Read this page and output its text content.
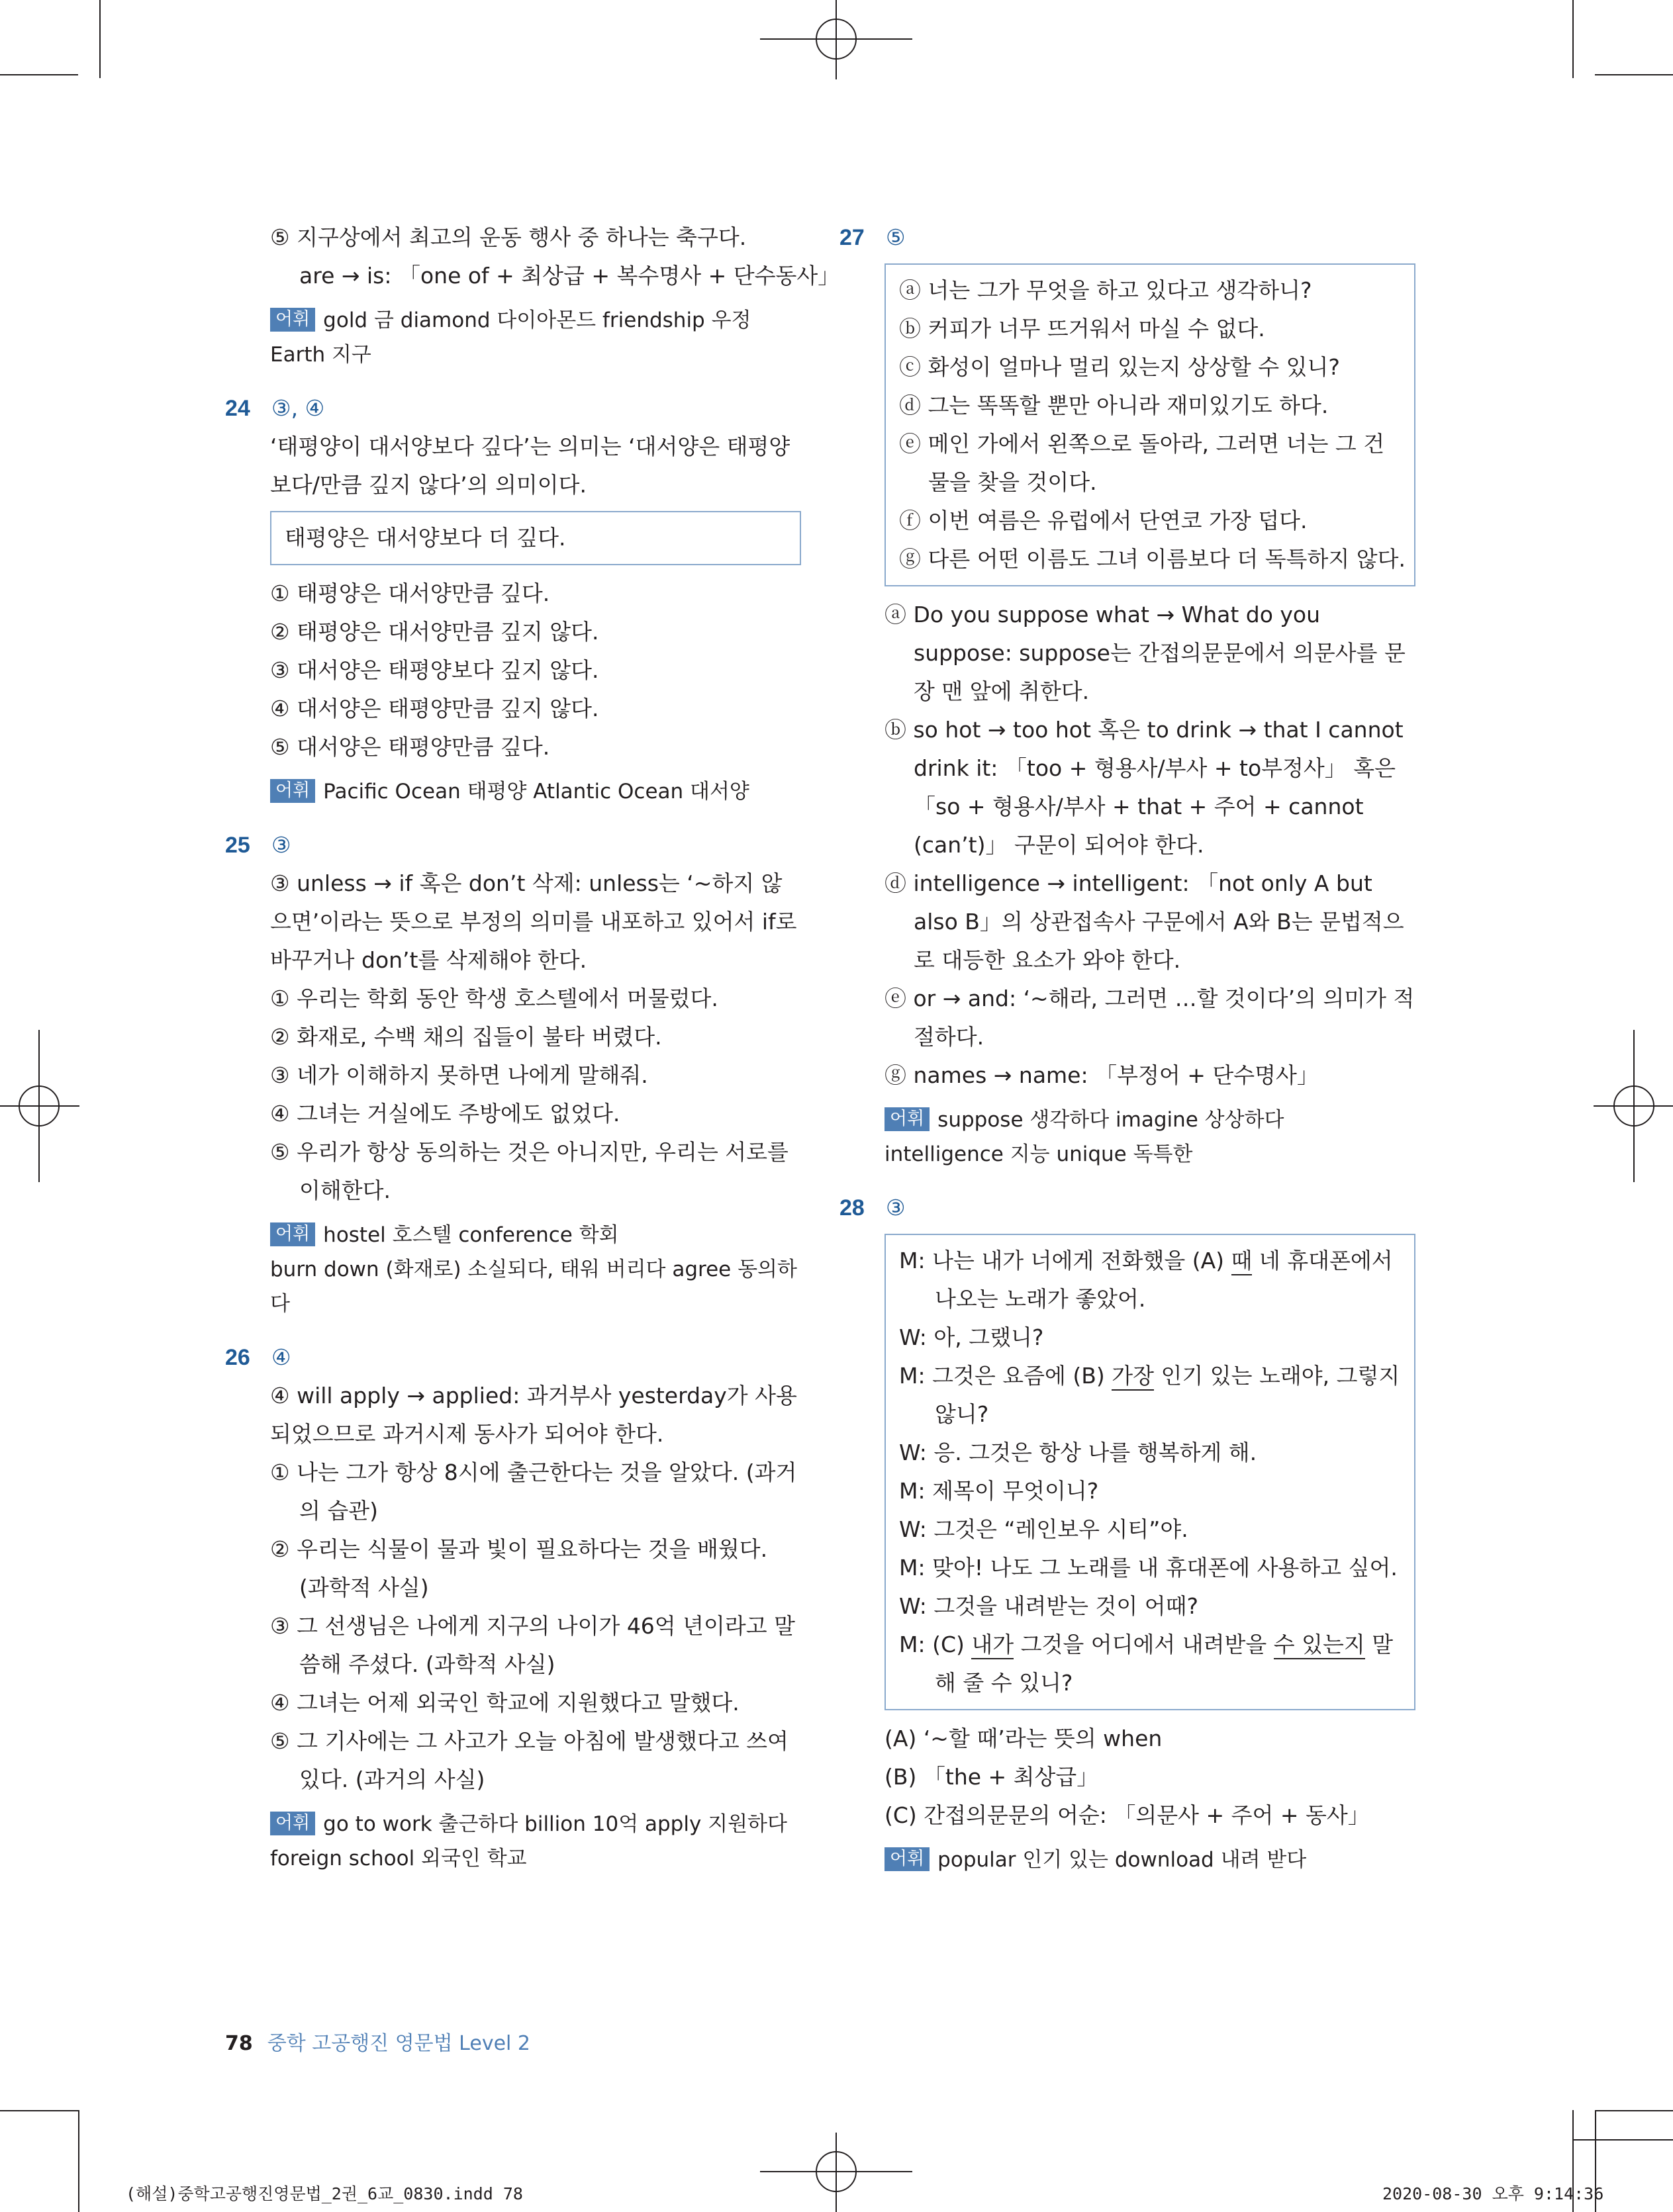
⑤ 지구상에서 최고의 운동 행사 중 하나는 축구다.
are → is: 「one of + 최상급 + 복수명사 + 단수동사」
어휘 gold 금 diamond 다이아몬드 friendship 우정
Earth 지구
24 ③, ④
‘태평양이 대서양보다 깊다’는 의미는 ‘대서양은 태평양보다/만큼 깊지 않다’의 의미이다.
태평양은 대서양보다 더 깊다.
① 태평양은 대서양만큼 깊다.
② 태평양은 대서양만큼 깊지 않다.
③ 대서양은 태평양보다 깊지 않다.
④ 대서양은 태평양만큼 깊지 않다.
⑤ 대서양은 태평양만큼 깊다.
어휘 Pacific Ocean 태평양 Atlantic Ocean 대서양
25 ③
③ unless → if 혹은 don’t 삭제: unless는 ‘~하지 않으면’이라는 뜻으로 부정의 의미를 내포하고 있어서 if로 바꾸거나 don’t를 삭제해야 한다.
① 우리는 학회 동안 학생 호스텔에서 머물렀다.
② 화재로, 수백 채의 집들이 불타 버렸다.
③ 네가 이해하지 못하면 나에게 말해줘.
④ 그녀는 거실에도 주방에도 없었다.
⑤ 우리가 항상 동의하는 것은 아니지만, 우리는 서로를 이해한다.
어휘 hostel 호스텔 conference 학회
burn down (화재로) 소실되다, 태워 버리다 agree 동의하다
26 ④
④ will apply → applied: 과거부사 yesterday가 사용되었으므로 과거시제 동사가 되어야 한다.
① 나는 그가 항상 8시에 출근한다는 것을 알았다. (과거의 습관)
② 우리는 식물이 물과 빛이 필요하다는 것을 배웠다. (과학적 사실)
③ 그 선생님은 나에게 지구의 나이가 46억 년이라고 말씀해 주셨다. (과학적 사실)
④ 그녀는 어제 외국인 학교에 지원했다고 말했다.
⑤ 그 기사에는 그 사고가 오늘 아침에 발생했다고 쓰여 있다. (과거의 사실)
어휘 go to work 출근하다 billion 10억 apply 지원하다
foreign school 외국인 학교
27 ⑤
ⓐ 너는 그가 무엇을 하고 있다고 생각하니?
ⓑ 커피가 너무 뜨거워서 마실 수 없다.
ⓒ 화성이 얼마나 멀리 있는지 상상할 수 있니?
ⓓ 그는 똑똑할 뿐만 아니라 재미있기도 하다.
ⓔ 메인 가에서 왼쪽으로 돌아라, 그러면 너는 그 건물을 찾을 것이다.
ⓕ 이번 여름은 유럽에서 단연코 가장 덥다.
ⓖ 다른 어떤 이름도 그녀 이름보다 더 독특하지 않다.
ⓐ Do you suppose what → What do you suppose: suppose는 간접의문문에서 의문사를 문장 맨 앞에 취한다.
ⓑ so hot → too hot 혹은 to drink → that I cannot drink it: 「too + 형용사/부사 + to부정사」 혹은 「so + 형용사/부사 + that + 주어 + cannot (can’t)」 구문이 되어야 한다.
ⓓ intelligence → intelligent: 「not only A but also B」의 상관접속사 구문에서 A와 B는 문법적으로 대등한 요소가 와야 한다.
ⓔ or → and: ‘~해라, 그러면 …할 것이다’의 의미가 적절하다.
ⓖ names → name: 「부정어 + 단수명사」
어휘 suppose 생각하다 imagine 상상하다
intelligence 지능 unique 독특한
28 ③
M: 나는 내가 너에게 전화했을 (A) 때 네 휴대폰에서 나오는 노래가 좋았어.
W: 아, 그랬니?
M: 그것은 요즘에 (B) 가장 인기 있는 노래야, 그렇지 않니?
W: 응. 그것은 항상 나를 행복하게 해.
M: 제목이 무엇이니?
W: 그것은 “레인보우 시티”야.
M: 맞아! 나도 그 노래를 내 휴대폰에 사용하고 싶어.
W: 그것을 내려받는 것이 어때?
M: (C) 내가 그것을 어디에서 내려받을 수 있는지 말해 줄 수 있니?
(A) ‘~할 때’라는 뜻의 when
(B) 「the + 최상급」
(C) 간접의문문의 어순: 「의문사 + 주어 + 동사」
어휘 popular 인기 있는 download 내려 받다
78 중학 고공행진 영문법 Level 2
(해설)중학고공행진영문법_2권_6교_0830.indd 78	2020-08-30 오후 9:14:36
